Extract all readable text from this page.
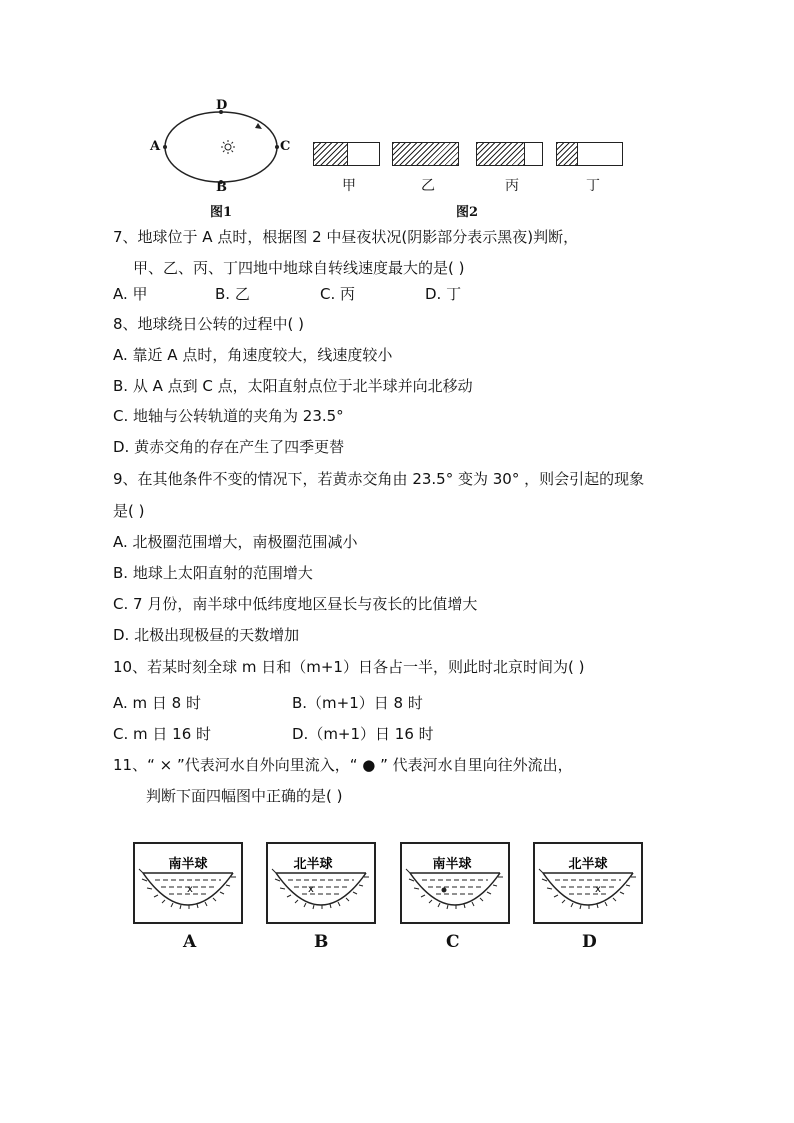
D
B
A	C
图1
甲	乙	丙	丁
图2
7、地球位于 A 点时，根据图 2 中昼夜状况(阴影部分表示黑夜)判断，
甲、乙、丙、丁四地中地球自转线速度最大的是( )
A. 甲	B. 乙	C. 丙	D. 丁
8、地球绕日公转的过程中( )
A. 靠近 A 点时，角速度较大，线速度较小
B. 从 A 点到 C 点，太阳直射点位于北半球并向北移动
C. 地轴与公转轨道的夹角为 23.5°
D. 黄赤交角的存在产生了四季更替
9、在其他条件不变的情况下，若黄赤交角由 23.5° 变为 30° ，则会引起的现象
是( )
A. 北极圈范围增大，南极圈范围减小
B. 地球上太阳直射的范围增大
C. 7 月份，南半球中低纬度地区昼长与夜长的比值增大
D. 北极出现极昼的天数增加
10、若某时刻全球 m 日和（m+1）日各占一半，则此时北京时间为( )
A. m 日 8 时	B.（m+1）日 8 时
C. m 日 16 时	D.（m+1）日 16 时
11、“ × ”代表河水自外向里流入，“ ● ” 代表河水自里向往外流出，
判断下面四幅图中正确的是( )
南半球
x
北半球
x
南半球	北半球
x
A	B	C	D
